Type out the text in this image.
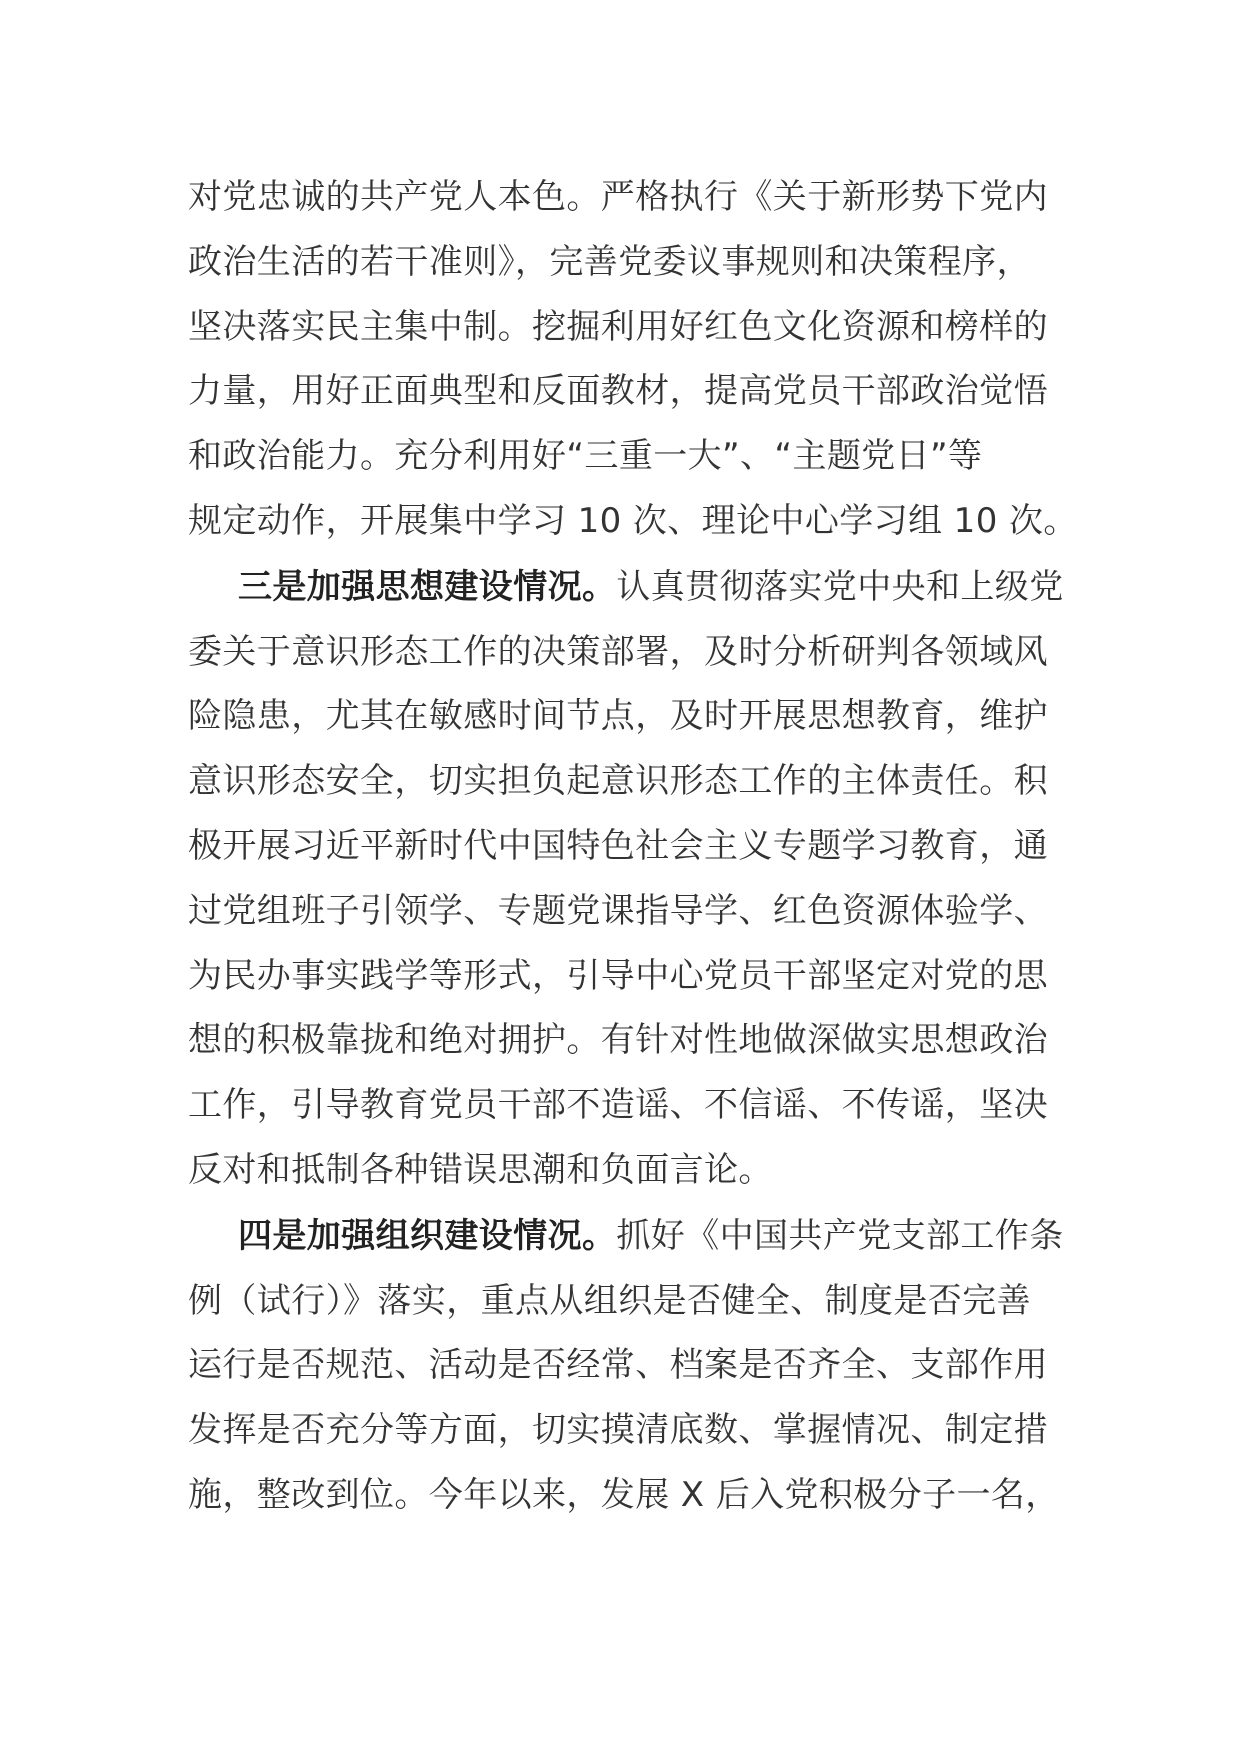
对党忠诚的共产党人本色。严格执行《关于新形势下党内
政治生活的若干准则》，完善党委议事规则和决策程序，
坚决落实民主集中制。挖掘利用好红色文化资源和榜样的
力量，用好正面典型和反面教材，提高党员干部政治觉悟
和政治能力。充分利用好“三重一大”、“主题党日”等
规定动作，开展集中学习 10 次、理论中心学习组 10 次。
三是加强思想建设情况。认真贯彻落实党中央和上级党
委关于意识形态工作的决策部署，及时分析研判各领域风
险隐患，尤其在敏感时间节点，及时开展思想教育，维护
意识形态安全，切实担负起意识形态工作的主体责任。积
极开展习近平新时代中国特色社会主义专题学习教育，通
过党组班子引领学、专题党课指导学、红色资源体验学、
为民办事实践学等形式，引导中心党员干部坚定对党的思
想的积极靠拢和绝对拥护。有针对性地做深做实思想政治
工作，引导教育党员干部不造谣、不信谣、不传谣，坚决
反对和抵制各种错误思潮和负面言论。
四是加强组织建设情况。抓好《中国共产党支部工作条
例（试行）》落实，重点从组织是否健全、制度是否完善
运行是否规范、活动是否经常、档案是否齐全、支部作用
发挥是否充分等方面，切实摸清底数、掌握情况、制定措
施，整改到位。今年以来，发展 X 后入党积极分子一名，
